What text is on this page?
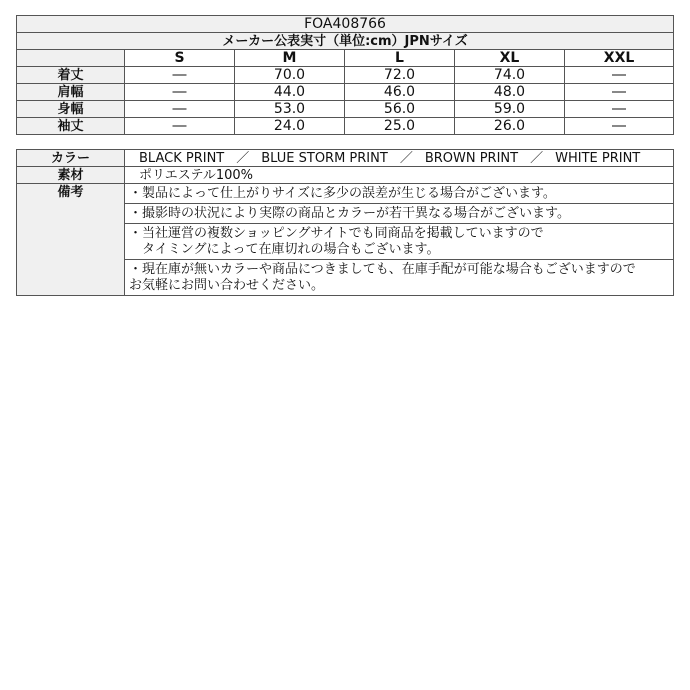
FOA408766					
メーカー公表実寸（単位:cm）JPNサイズ					
	S	M	L	XL	XXL
着丈	―	70.0	72.0	74.0	―
肩幅	―	44.0	46.0	48.0	―
身幅	―	53.0	56.0	59.0	―
袖丈	―	24.0	25.0	26.0	―
カラー	BLACK PRINT ／ BLUE STORM PRINT ／ BROWN PRINT ／ WHITE PRINT
素材	ポリエステル100%
備考	・製品によって仕上がりサイズに多少の誤差が生じる場合がございます。

	・撮影時の状況により実際の商品とカラーが若干異なる場合がございます。

	・当社運営の複数ショッピングサイトでも同商品を掲載していますので
　タイミングによって在庫切れの場合もございます。

	・現在庫が無いカラーや商品につきましても、在庫手配が可能な場合もございますので
お気軽にお問い合わせください。
